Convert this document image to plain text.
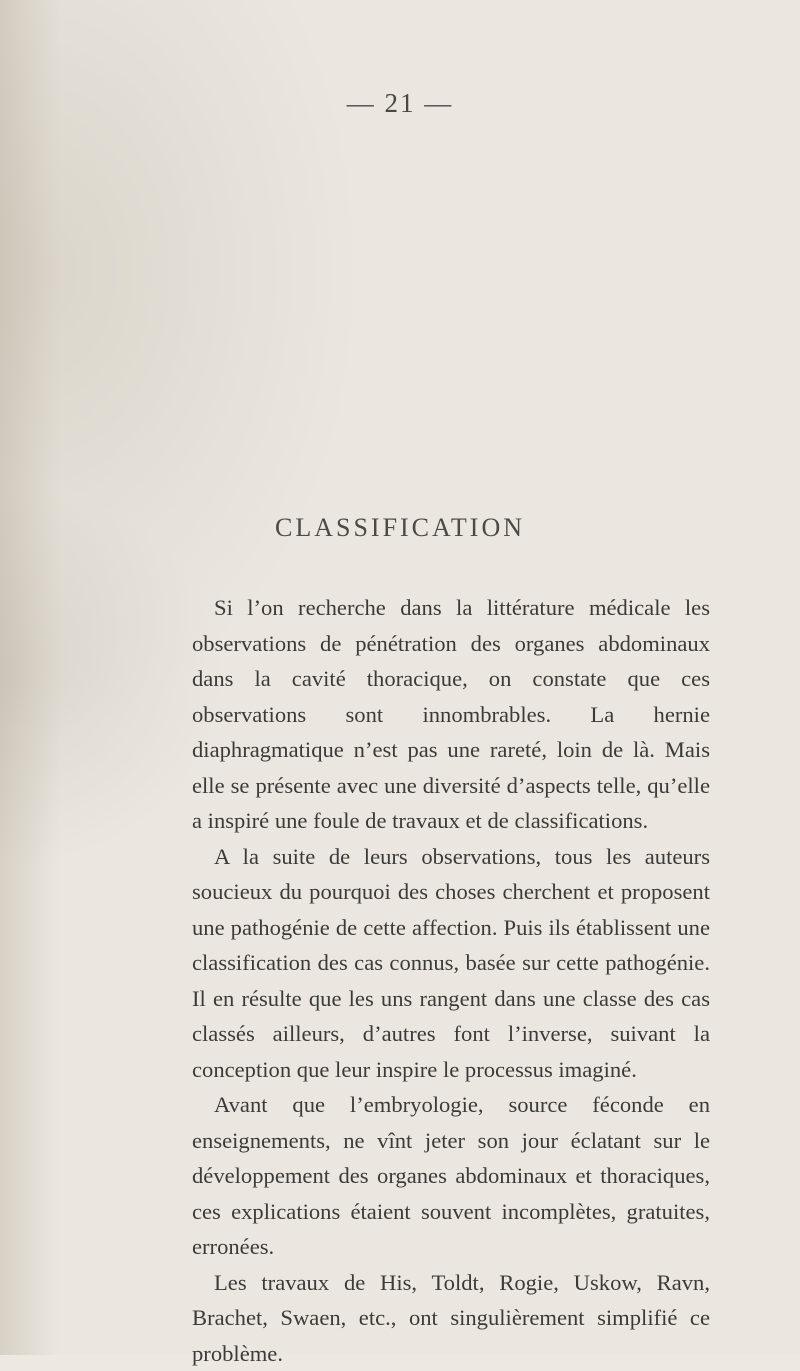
— 21 —
CLASSIFICATION

Si l’on recherche dans la littérature médicale les observations de pénétration des organes abdominaux dans la cavité thoracique, on constate que ces observations sont innombrables. La hernie diaphragmatique n’est pas une rareté, loin de là. Mais elle se présente avec une diversité d’aspects telle, qu’elle a inspiré une foule de travaux et de classifications.

A la suite de leurs observations, tous les auteurs soucieux du pourquoi des choses cherchent et proposent une pathogénie de cette affection. Puis ils établissent une classification des cas connus, basée sur cette pathogénie. Il en résulte que les uns rangent dans une classe des cas classés ailleurs, d’autres font l’inverse, suivant la conception que leur inspire le processus imaginé.

Avant que l’embryologie, source féconde en enseignements, ne vînt jeter son jour éclatant sur le développement des organes abdominaux et thoraciques, ces explications étaient souvent incomplètes, gratuites, erronées.

Les travaux de His, Toldt, Rogie, Uskow, Ravn, Brachet, Swaen, etc., ont singulièrement simplifié ce problème.
